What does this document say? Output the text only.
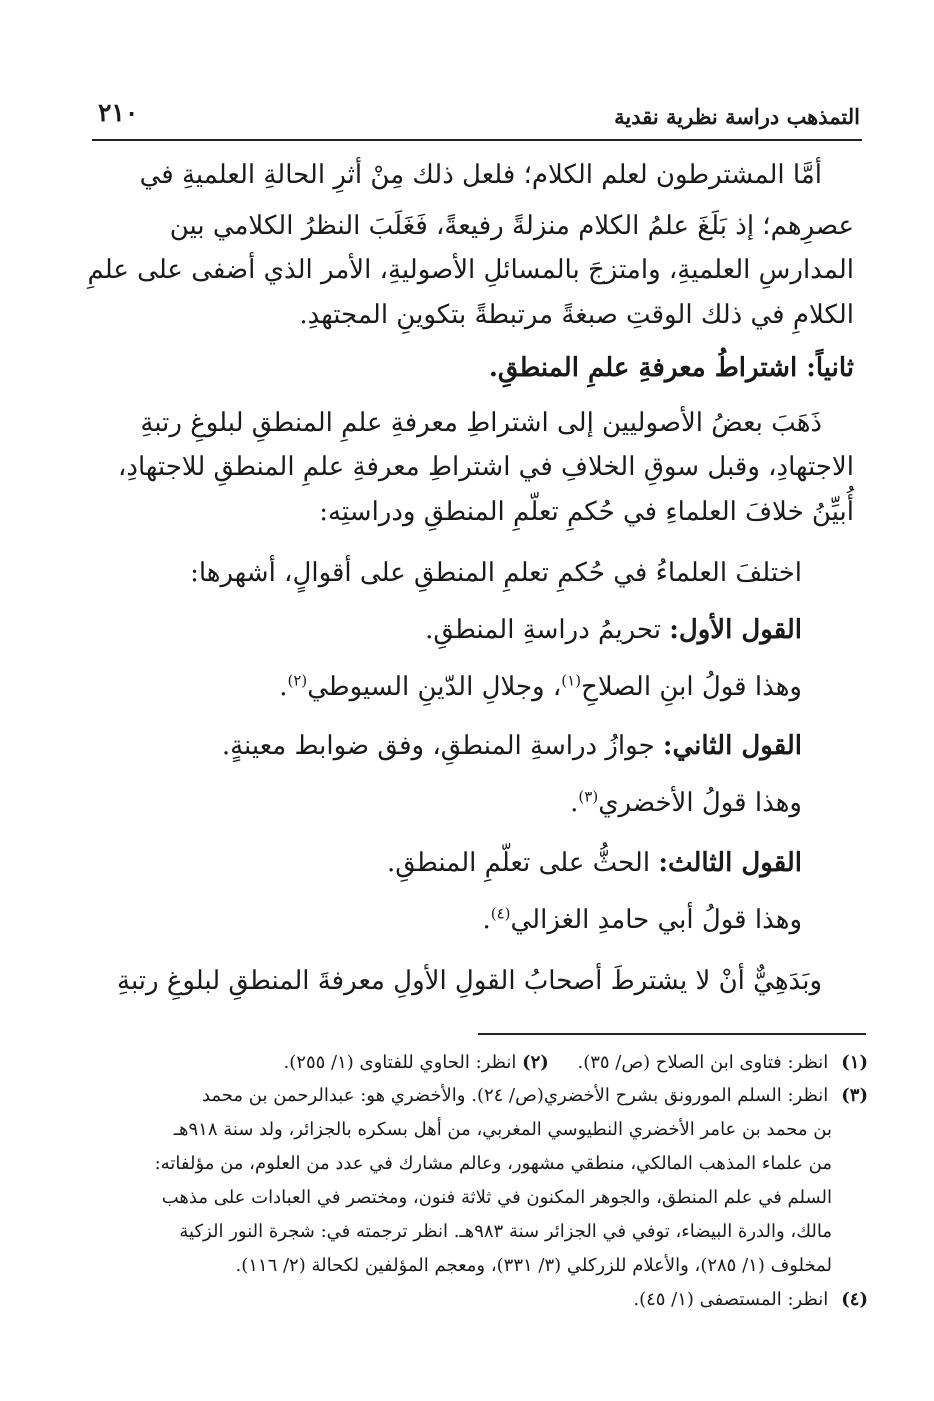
٢١٠	التمذهب دراسة نظرية نقدية
أمَّا المشترطون لعلم الكلام؛ فلعل ذلك مِنْ أثرِ الحالةِ العلميةِ في
عصرِهم؛ إذ بَلَغَ علمُ الكلام منزلةً رفيعةً، فَغَلَبَ النظرُ الكلامي بين
المدارسِ العلميةِ، وامتزجَ بالمسائلِ الأصوليةِ، الأمر الذي أضفى على علمِ
الكلامِ في ذلك الوقتِ صبغةً مرتبطةً بتكوينِ المجتهدِ.
ثانياً: اشتراطُ معرفةِ علمِ المنطقِ.
ذَهَبَ بعضُ الأصوليين إلى اشتراطِ معرفةِ علمِ المنطقِ لبلوغِ رتبةِ
الاجتهادِ، وقبل سوقِ الخلافِ في اشتراطِ معرفةِ علمِ المنطقِ للاجتهادِ،
أُبيِّنُ خلافَ العلماءِ في حُكمِ تعلّمِ المنطقِ ودراستِه:
اختلفَ العلماءُ في حُكمِ تعلمِ المنطقِ على أقوالٍ، أشهرها:
القول الأول: تحريمُ دراسةِ المنطقِ.
وهذا قولُ ابنِ الصلاحِ$^{(١)}$، وجلالِ الدّينِ السيوطي$^{(٢)}$.
القول الثاني: جوازُ دراسةِ المنطقِ، وفق ضوابط معينةٍ.
وهذا قولُ الأخضري$^{(٣)}$.
القول الثالث: الحثُّ على تعلّمِ المنطقِ.
وهذا قولُ أبي حامدِ الغزالي$^{(٤)}$.
وبَدَهِيٌّ أنْ لا يشترطَ أصحابُ القولِ الأولِ معرفةَ المنطقِ لبلوغِ رتبةِ
(١) انظر: فتاوى ابن الصلاح (ص/ ٣٥).     (٢) انظر: الحاوي للفتاوى (١/ ٢٥٥).
(٣) انظر: السلم المورونق بشرح الأخضري(ص/ ٢٤). والأخضري هو: عبدالرحمن بن محمد
بن محمد بن عامر الأخضري النطيوسي المغربي، من أهل بسكره بالجزائر، ولد سنة ٩١٨هـ
من علماء المذهب المالكي، منطقي مشهور، وعالم مشارك في عدد من العلوم، من مؤلفاته:
السلم في علم المنطق، والجوهر المكنون في ثلاثة فنون، ومختصر في العبادات على مذهب
مالك، والدرة البيضاء، توفي في الجزائر سنة ٩٨٣هـ. انظر ترجمته في: شجرة النور الزكية
لمخلوف (١/ ٢٨٥)، والأعلام للزركلي (٣/ ٣٣١)، ومعجم المؤلفين لكحالة (٢/ ١١٦).
(٤) انظر: المستصفى (١/ ٤٥).
